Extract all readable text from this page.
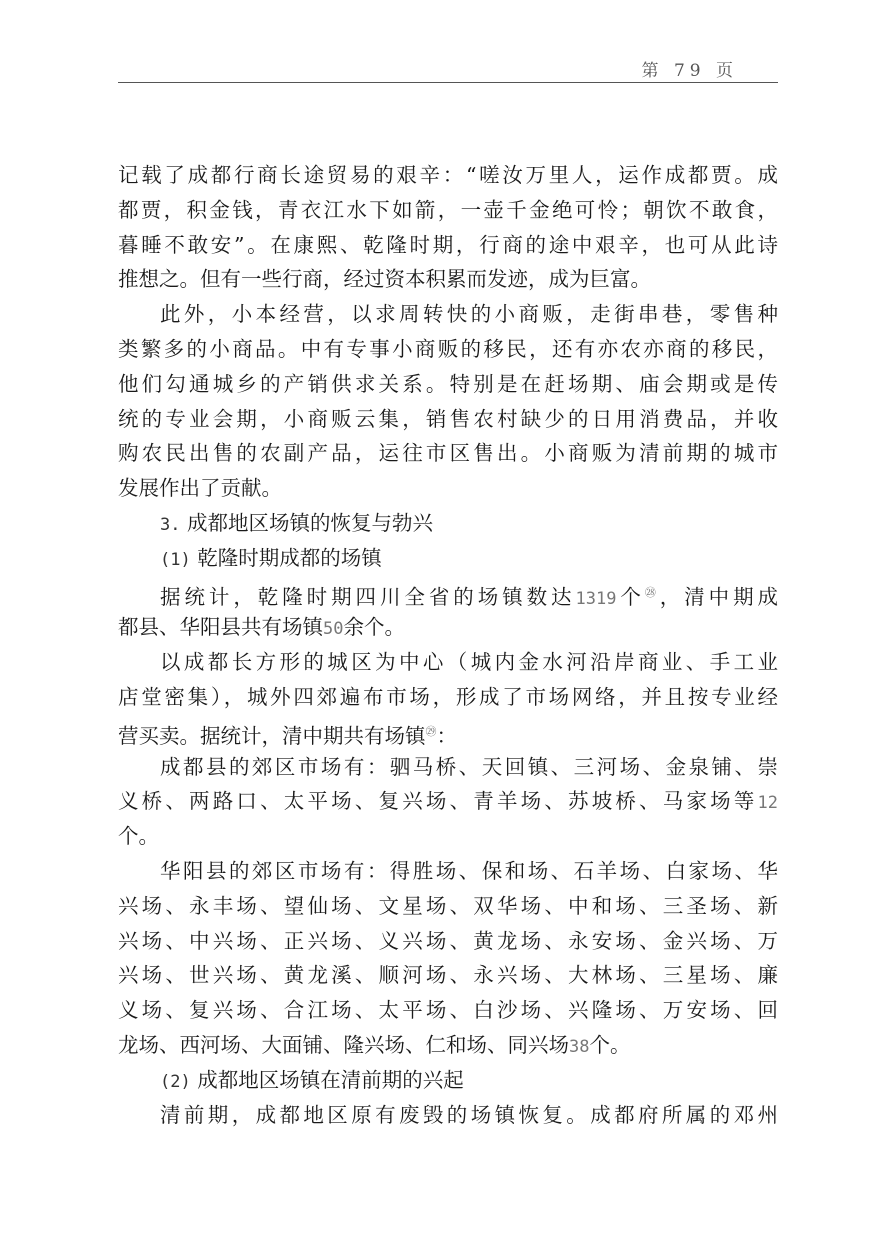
第 79 页
记载了成都行商长途贸易的艰辛：“嗟汝万里人，运作成都贾。成
都贾，积金钱，青衣江水下如箭，一壶千金绝可怜；朝饮不敢食，
暮睡不敢安”。在康熙、乾隆时期，行商的途中艰辛，也可从此诗
推想之。但有一些行商，经过资本积累而发迹，成为巨富。
此外，小本经营，以求周转快的小商贩，走街串巷，零售种
类繁多的小商品。中有专事小商贩的移民，还有亦农亦商的移民，
他们勾通城乡的产销供求关系。特别是在赶场期、庙会期或是传
统的专业会期，小商贩云集，销售农村缺少的日用消费品，并收
购农民出售的农副产品，运往市区售出。小商贩为清前期的城市
发展作出了贡献。
3. 成都地区场镇的恢复与勃兴
(1) 乾隆时期成都的场镇
据统计，乾隆时期四川全省的场镇数达1319个$^㉘$，清中期成
都县、华阳县共有场镇50余个。
以成都长方形的城区为中心（城内金水河沿岸商业、手工业
店堂密集），城外四郊遍布市场，形成了市场网络，并且按专业经
营买卖。据统计，清中期共有场镇$^㉙$：
成都县的郊区市场有：驷马桥、天回镇、三河场、金泉铺、崇
义桥、两路口、太平场、复兴场、青羊场、苏坡桥、马家场等12
个。
华阳县的郊区市场有：得胜场、保和场、石羊场、白家场、华
兴场、永丰场、望仙场、文星场、双华场、中和场、三圣场、新
兴场、中兴场、正兴场、义兴场、黄龙场、永安场、金兴场、万
兴场、世兴场、黄龙溪、顺河场、永兴场、大林场、三星场、廉
义场、复兴场、合江场、太平场、白沙场、兴隆场、万安场、回
龙场、西河场、大面铺、隆兴场、仁和场、同兴场38个。
(2) 成都地区场镇在清前期的兴起
清前期，成都地区原有废毁的场镇恢复。成都府所属的邓州
